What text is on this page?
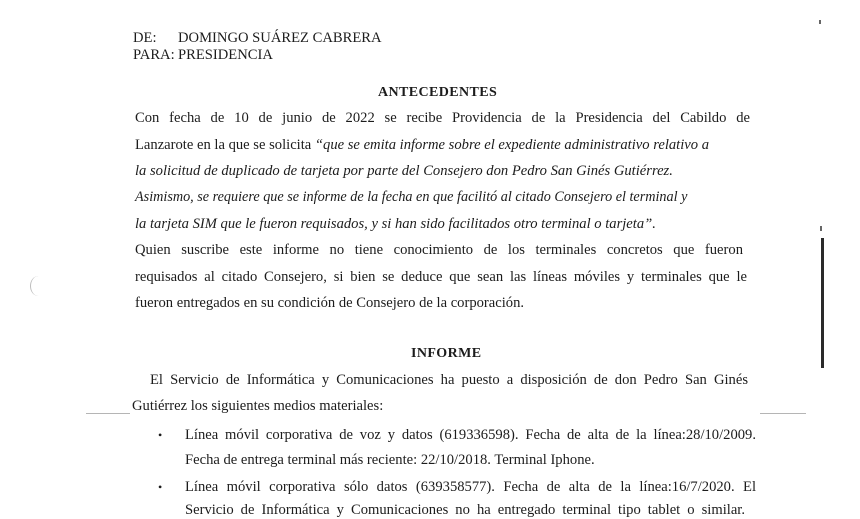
DE: DOMINGO SUÁREZ CABRERA
PARA: PRESIDENCIA
ANTECEDENTES
Con fecha de 10 de junio de 2022 se recibe Providencia de la Presidencia del Cabildo de
Lanzarote en la que se solicita “que se emita informe sobre el expediente administrativo relativo a
la solicitud de duplicado de tarjeta por parte del Consejero don Pedro San Ginés Gutiérrez.
Asimismo, se requiere que se informe de la fecha en que facilitó al citado Consejero el terminal y
la tarjeta SIM que le fueron requisados, y si han sido facilitados otro terminal o tarjeta”.
Quien suscribe este informe no tiene conocimiento de los terminales concretos que fueron
requisados al citado Consejero, si bien se deduce que sean las líneas móviles y terminales que le
fueron entregados en su condición de Consejero de la corporación.
INFORME
El Servicio de Informática y Comunicaciones ha puesto a disposición de don Pedro San Ginés
Gutiérrez los siguientes medios materiales:
• Línea móvil corporativa de voz y datos (619336598). Fecha de alta de la línea:28/10/2009.
Fecha de entrega terminal más reciente: 22/10/2018. Terminal Iphone.
• Línea móvil corporativa sólo datos (639358577). Fecha de alta de la línea:16/7/2020. El
Servicio de Informática y Comunicaciones no ha entregado terminal tipo tablet o similar.
